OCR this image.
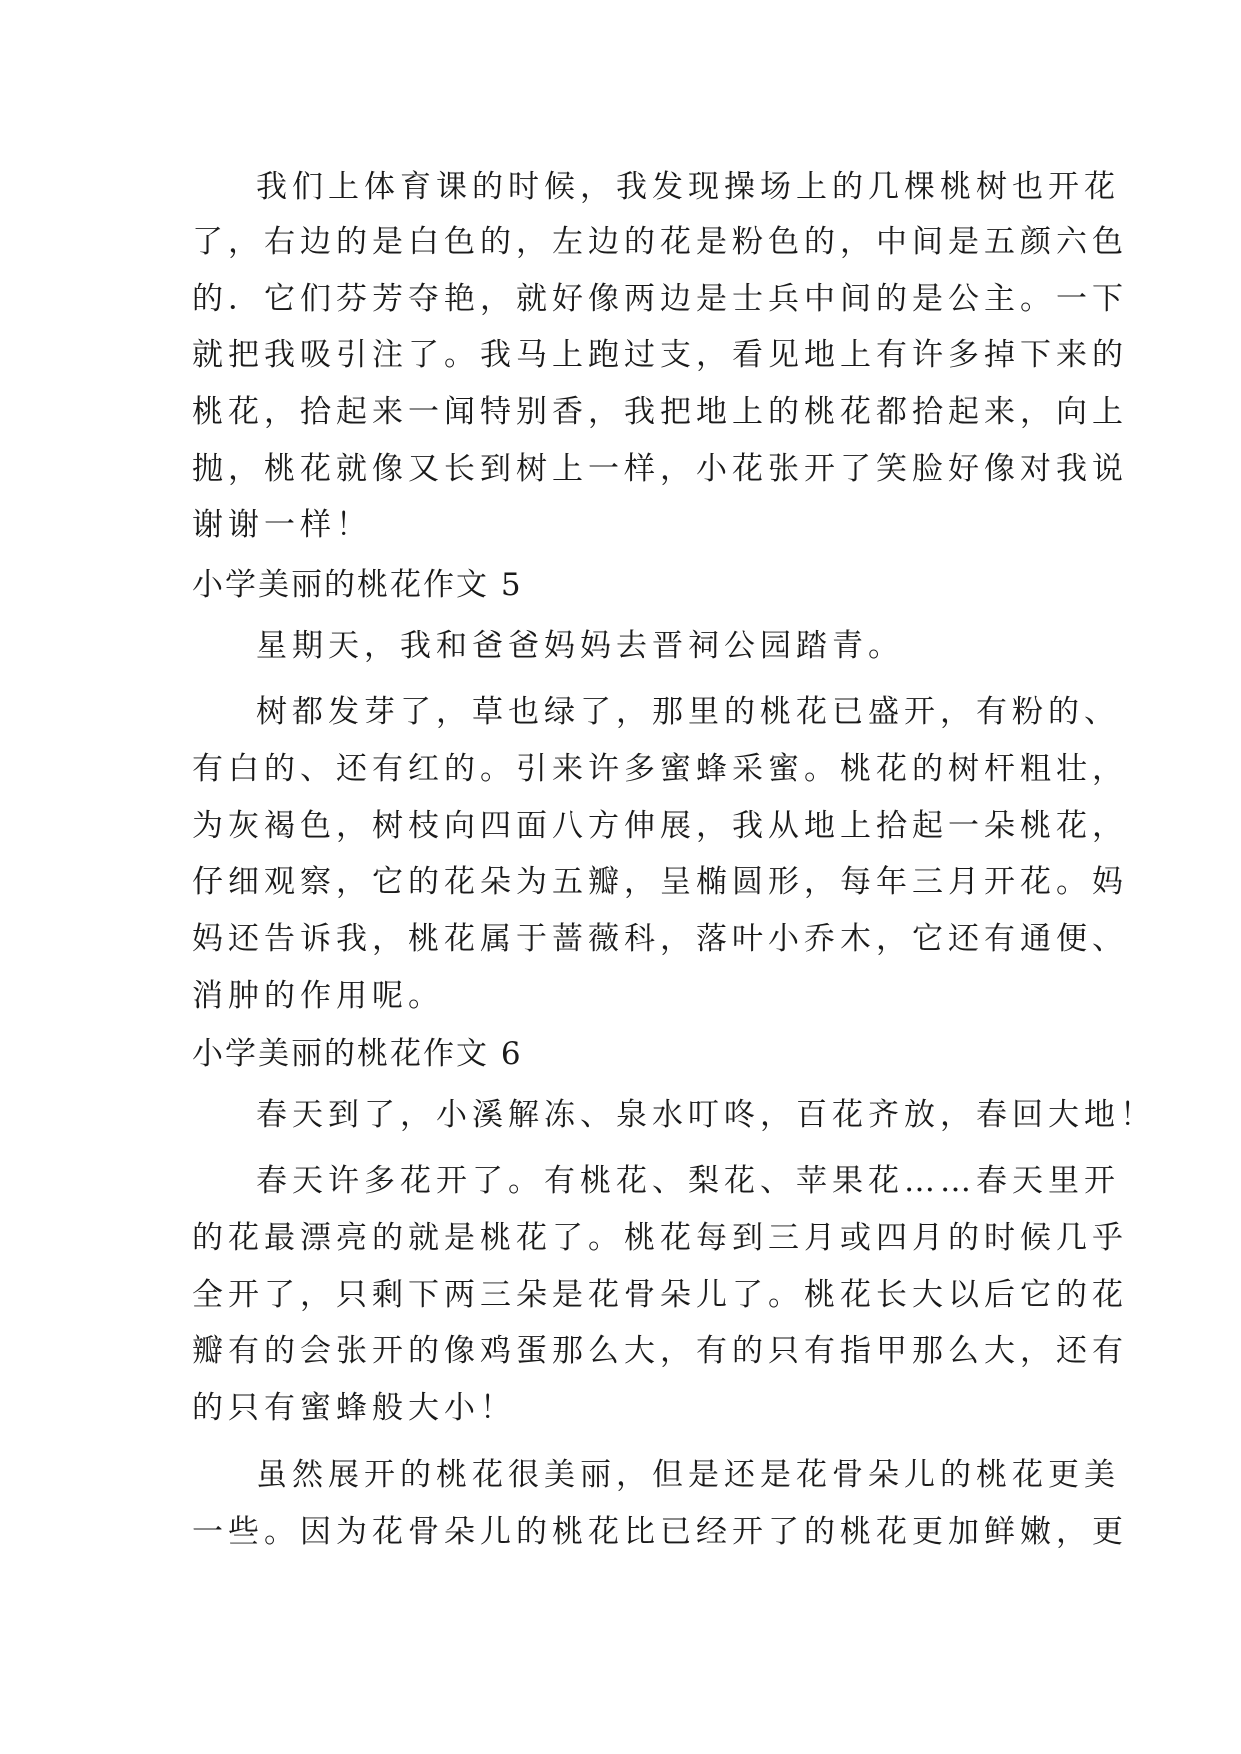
我们上体育课的时候，我发现操场上的几棵桃树也开花
了，右边的是白色的，左边的花是粉色的，中间是五颜六色
的．它们芬芳夺艳，就好像两边是士兵中间的是公主。一下
就把我吸引注了。我马上跑过支，看见地上有许多掉下来的
桃花，拾起来一闻特别香，我把地上的桃花都拾起来，向上
抛，桃花就像又长到树上一样，小花张开了笑脸好像对我说
谢谢一样！
小学美丽的桃花作文 5
星期天，我和爸爸妈妈去晋祠公园踏青。
树都发芽了，草也绿了，那里的桃花已盛开，有粉的、
有白的、还有红的。引来许多蜜蜂采蜜。桃花的树杆粗壮，
为灰褐色，树枝向四面八方伸展，我从地上拾起一朵桃花，
仔细观察，它的花朵为五瓣，呈椭圆形，每年三月开花。妈
妈还告诉我，桃花属于蔷薇科，落叶小乔木，它还有通便、
消肿的作用呢。
小学美丽的桃花作文 6
春天到了，小溪解冻、泉水叮咚，百花齐放，春回大地！
春天许多花开了。有桃花、梨花、苹果花……春天里开
的花最漂亮的就是桃花了。桃花每到三月或四月的时候几乎
全开了，只剩下两三朵是花骨朵儿了。桃花长大以后它的花
瓣有的会张开的像鸡蛋那么大，有的只有指甲那么大，还有
的只有蜜蜂般大小！
虽然展开的桃花很美丽，但是还是花骨朵儿的桃花更美
一些。因为花骨朵儿的桃花比已经开了的桃花更加鲜嫩，更
